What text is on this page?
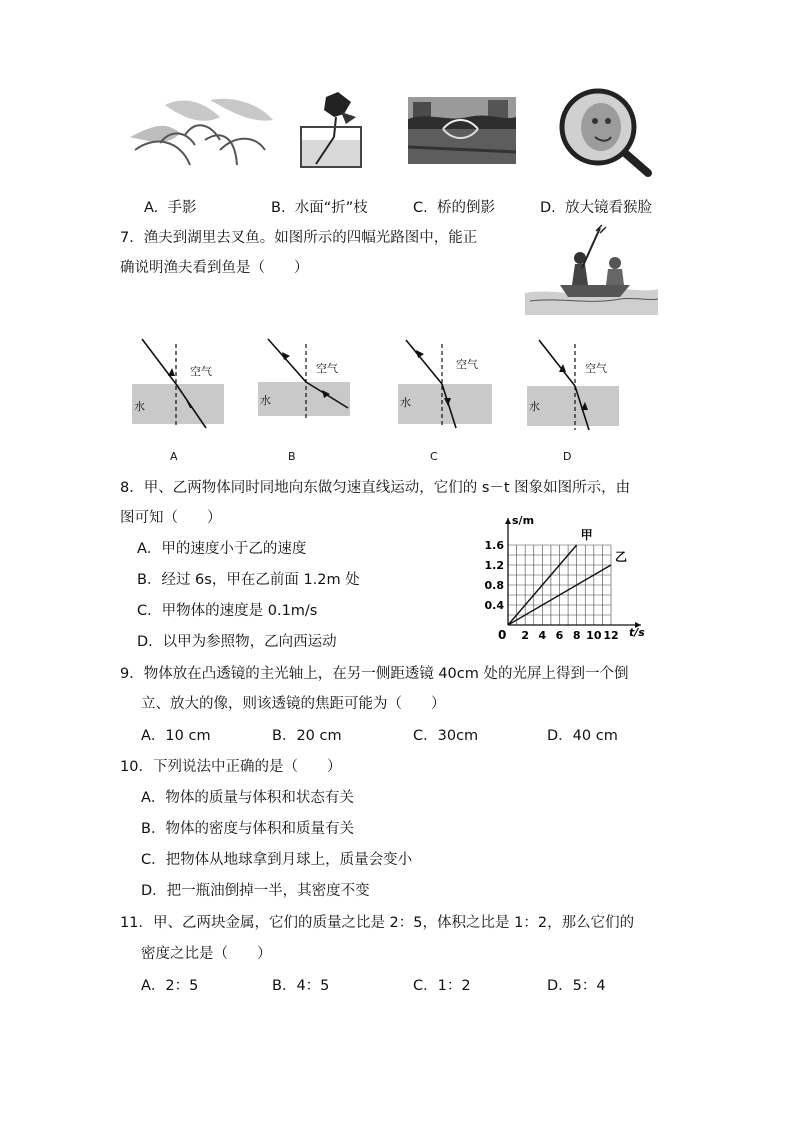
A. 手影	B. 水面“折”枝	C. 桥的倒影	D. 放大镜看猴脸
7．渔夫到湖里去叉鱼。如图所示的四幅光路图中，能正
确说明渔夫看到鱼是（　　）
空气
水
A
空气
水
B
空气
水
C
空气
水
D
8．甲、乙两物体同时同地向东做匀速直线运动，它们的 s－t 图象如图所示，由
图可知（　　）
A．甲的速度小于乙的速度
B．经过 6s，甲在乙前面 1.2m 处
C．甲物体的速度是 0.1m/s
D．以甲为参照物，乙向西运动	0 2 4 6 8 10 12
0.4
0.8
1.2
1.6
t/s
s/m
甲
乙
9．物体放在凸透镜的主光轴上，在另一侧距透镜 40cm 处的光屏上得到一个倒
立、放大的像，则该透镜的焦距可能为（　　）
A．10 cm	B．20 cm	C．30cm	D．40 cm
10．下列说法中正确的是（　　）
A．物体的质量与体积和状态有关
B．物体的密度与体积和质量有关
C．把物体从地球拿到月球上，质量会变小
D．把一瓶油倒掉一半，其密度不变
11．甲、乙两块金属，它们的质量之比是 2：5，体积之比是 1：2，那么它们的
密度之比是（　　）
A．2：5	B．4：5	C．1：2	D．5：4
